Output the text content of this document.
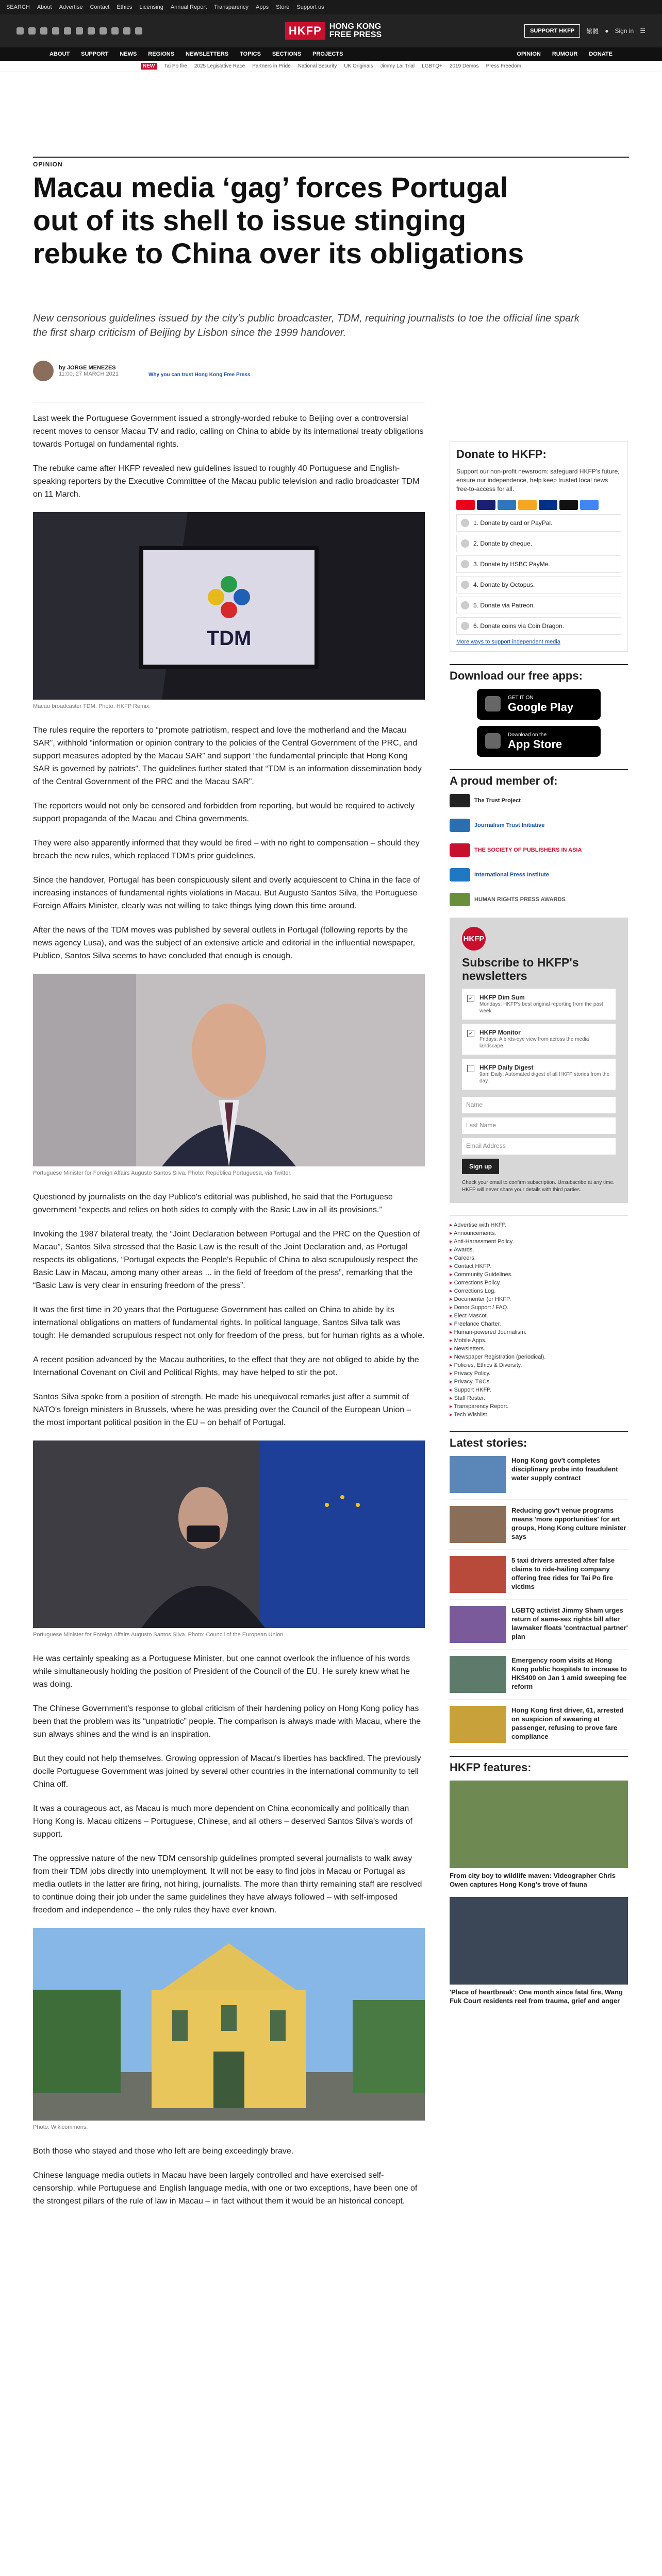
SEARCH About Advertise Contact Ethics Licensing Annual Report Transparency Apps Store Support us
HKFP HONG KONG
FREE PRESS	SUPPORT HKFP	繁體 ● Sign in ☰
ABOUT SUPPORT NEWS REGIONS NEWSLETTERS TOPICS SECTIONS PROJECTS	OPINION RUMOUR DONATE
NEW	Tai Po fire 2025 Legislative Race Partners in Pride National Security UK Originals Jimmy Lai Trial LGBTQ+ 2019 Demos Press Freedom
OPINION
Macau media ‘gag’ forces Portugal out of its shell to issue stinging rebuke to China over its obligations

New censorious guidelines issued by the city's public broadcaster, TDM, requiring journalists to toe the official line spark the first sharp criticism of Beijing by Lisbon since the 1999 handover.

by JORGE MENEZES
11:00, 27 MARCH 2021	Why you can trust Hong Kong Free Press

Last week the Portuguese Government issued a strongly-worded rebuke to Beijing over a controversial recent moves to censor Macau TV and radio, calling on China to abide by its international treaty obligations towards Portugal on fundamental rights.

The rebuke came after HKFP revealed new guidelines issued to roughly 40 Portuguese and English-speaking reporters by the Executive Committee of the Macau public television and radio broadcaster TDM on 11 March.

TDM

Macau broadcaster TDM. Photo: HKFP Remix.

The rules require the reporters to “promote patriotism, respect and love the motherland and the Macau SAR”, withhold “information or opinion contrary to the policies of the Central Government of the PRC, and support measures adopted by the Macau SAR” and support “the fundamental principle that Hong Kong SAR is governed by patriots”. The guidelines further stated that “TDM is an information dissemination body of the Central Government of the PRC and the Macau SAR”.

The reporters would not only be censored and forbidden from reporting, but would be required to actively support propaganda of the Macau and China governments.

They were also apparently informed that they would be fired – with no right to compensation – should they breach the new rules, which replaced TDM's prior guidelines.

Since the handover, Portugal has been conspicuously silent and overly acquiescent to China in the face of increasing instances of fundamental rights violations in Macau. But Augusto Santos Silva, the Portuguese Foreign Affairs Minister, clearly was not willing to take things lying down this time around.

After the news of the TDM moves was published by several outlets in Portugal (following reports by the news agency Lusa), and was the subject of an extensive article and editorial in the influential newspaper, Publico, Santos Silva seems to have concluded that enough is enough.

Portuguese Minister for Foreign Affairs Augusto Santos Silva. Photo: República Portuguesa, via Twitter.

Questioned by journalists on the day Publico's editorial was published, he said that the Portuguese government “expects and relies on both sides to comply with the Basic Law in all its provisions.”

Invoking the 1987 bilateral treaty, the “Joint Declaration between Portugal and the PRC on the Question of Macau”, Santos Silva stressed that the Basic Law is the result of the Joint Declaration and, as Portugal respects its obligations, “Portugal expects the People's Republic of China to also scrupulously respect the Basic Law in Macau, among many other areas ... in the field of freedom of the press”, remarking that the “Basic Law is very clear in ensuring freedom of the press”.

It was the first time in 20 years that the Portuguese Government has called on China to abide by its international obligations on matters of fundamental rights. In political language, Santos Silva talk was tough: He demanded scrupulous respect not only for freedom of the press, but for human rights as a whole.

A recent position advanced by the Macau authorities, to the effect that they are not obliged to abide by the International Covenant on Civil and Political Rights, may have helped to stir the pot.

Santos Silva spoke from a position of strength. He made his unequivocal remarks just after a summit of NATO's foreign ministers in Brussels, where he was presiding over the Council of the European Union – the most important political position in the EU – on behalf of Portugal.

Portuguese Minister for Foreign Affairs Augusto Santos Silva. Photo: Council of the European Union.

He was certainly speaking as a Portuguese Minister, but one cannot overlook the influence of his words while simultaneously holding the position of President of the Council of the EU. He surely knew what he was doing.

The Chinese Government's response to global criticism of their hardening policy on Hong Kong policy has been that the problem was its “unpatriotic” people. The comparison is always made with Macau, where the sun always shines and the wind is an inspiration.

But they could not help themselves. Growing oppression of Macau's liberties has backfired. The previously docile Portuguese Government was joined by several other countries in the international community to tell China off.

It was a courageous act, as Macau is much more dependent on China economically and politically than Hong Kong is. Macau citizens – Portuguese, Chinese, and all others – deserved Santos Silva's words of support.

The oppressive nature of the new TDM censorship guidelines prompted several journalists to walk away from their TDM jobs directly into unemployment. It will not be easy to find jobs in Macau or Portugal as media outlets in the latter are firing, not hiring, journalists. The more than thirty remaining staff are resolved to continue doing their job under the same guidelines they have always followed – with self-imposed freedom and independence – the only rules they have ever known.

Photo: Wikicommons.

Both those who stayed and those who left are being exceedingly brave.

Chinese language media outlets in Macau have been largely controlled and have exercised self-censorship, while Portuguese and English language media, with one or two exceptions, have been one of the strongest pillars of the rule of law in Macau – in fact without them it would be an historical concept.

Donate to HKFP:
Support our non-profit newsroom: safeguard HKFP's future, ensure our independence, help keep trusted local news free-to-access for all.
1. Donate by card or PayPal.
2. Donate by cheque.
3. Donate by HSBC PayMe.
4. Donate by Octopus.
5. Donate via Patreon.
6. Donate coins via Coin Dragon.
More ways to support independent media
Download our free apps:
GET IT ON
Google Play
Download on the
App Store
A proud member of:
The Trust Project
Journalism Trust Initiative
THE SOCIETY OF PUBLISHERS IN ASIA
International Press Institute
HUMAN RIGHTS PRESS AWARDS
HKFP
Subscribe to HKFP's newsletters
✓ HKFP Dim Sum
Mondays: HKFP's best original reporting from the past week.
✓ HKFP Monitor
Fridays: A birds-eye view from across the media landscape.
HKFP Daily Digest
9am Daily: Automated digest of all HKFP stories from the day.
Name
Last Name
Email Address
Sign up

Check your email to confirm subscription. Unsubscribe at any time. HKFP will never share your details with third parties.

▸ Advertise with HKFP.
▸ Announcements.
▸ Anti-Harassment Policy.
▸ Awards.
▸ Careers.
▸ Contact HKFP.
▸ Community Guidelines.
▸ Corrections Policy.
▸ Corrections Log.
▸ Documenter (or HKFP.
▸ Donor Support / FAQ.
▸ Elect Mascot.
▸ Freelance Charter.
▸ Human-powered Journalism.
▸ Mobile Apps.
▸ Newsletters.
▸ Newspaper Registration (periodical).
▸ Policies, Ethics & Diversity.
▸ Privacy Policy.
▸ Privacy, T&Cs.
▸ Support HKFP.
▸ Staff Roster.
▸ Transparency Report.
▸ Tech Wishlist.
Latest stories:
Hong Kong gov't completes disciplinary probe into fraudulent water supply contract
Reducing gov't venue programs means 'more opportunities' for art groups, Hong Kong culture minister says
5 taxi drivers arrested after false claims to ride-hailing company offering free rides for Tai Po fire victims
LGBTQ activist Jimmy Sham urges return of same-sex rights bill after lawmaker floats 'contractual partner' plan
Emergency room visits at Hong Kong public hospitals to increase to HK$400 on Jan 1 amid sweeping fee reform
Hong Kong first driver, 61, arrested on suspicion of swearing at passenger, refusing to prove fare compliance
HKFP features:
From city boy to wildlife maven: Videographer Chris Owen captures Hong Kong's trove of fauna
'Place of heartbreak': One month since fatal fire, Wang Fuk Court residents reel from trauma, grief and anger
